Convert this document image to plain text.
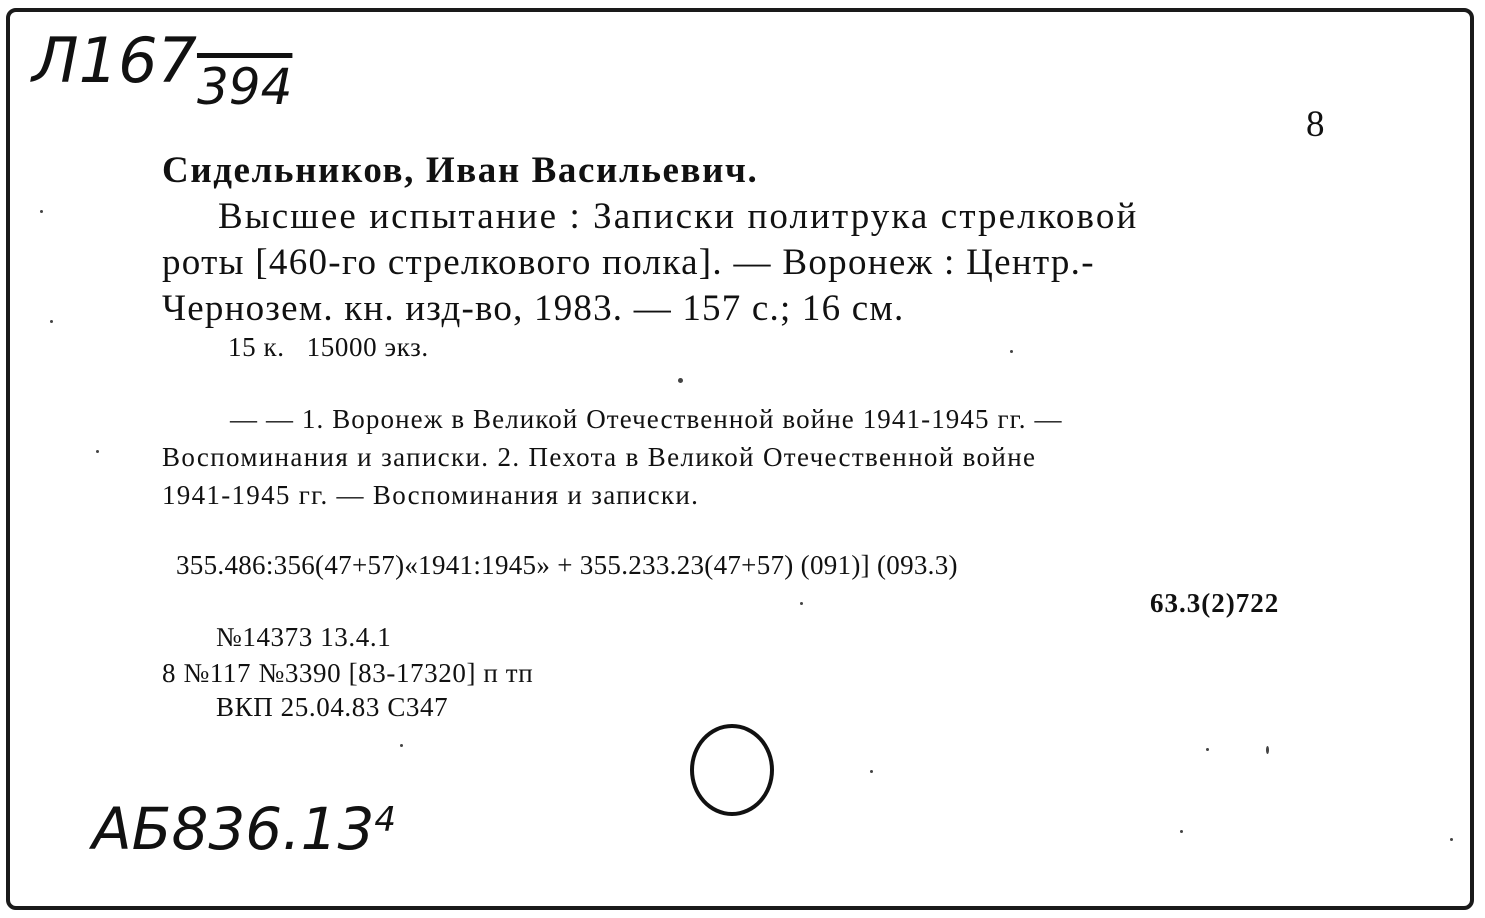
$Л167_{394}$
8
Сидельников, Иван Васильевич.
Высшее испытание : Записки политрука стрелковой
роты [460-го стрелкового полка]. — Воронеж : Центр.-
Чернозем. кн. изд-во, 1983. — 157 с.; 16 см.
15 к.   15000 экз.
— — 1. Воронеж в Великой Отечественной войне 1941-1945 гг. —
Воспоминания и записки. 2. Пехота в Великой Отечественной войне
1941-1945 гг. — Воспоминания и записки.
355.486:356(47+57)«1941:1945» + 355.233.23(47+57) (091)] (093.3)
63.3(2)722
№14373 13.4.1
8 №117 №3390 [83-17320] п тп
ВКП 25.04.83 С347
АБ836.13$^4$
